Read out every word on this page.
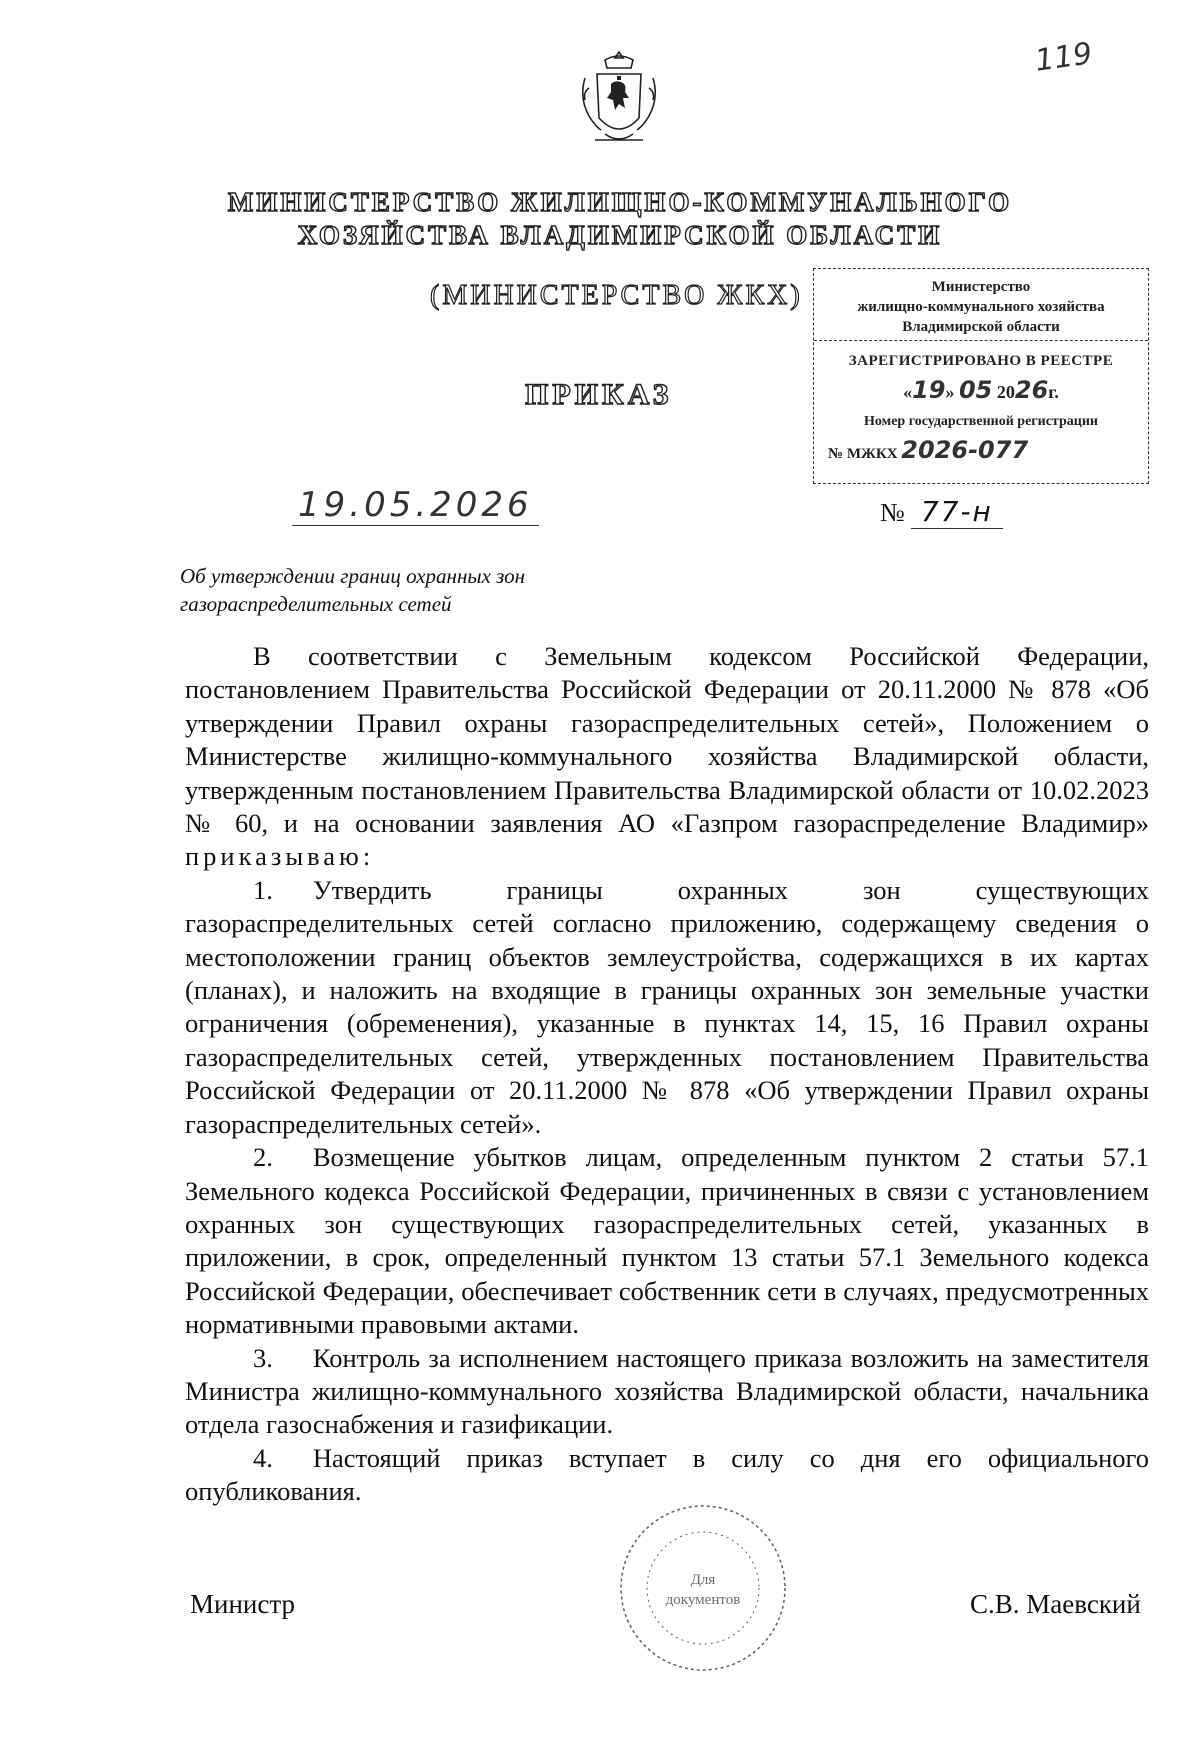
119
МИНИСТЕРСТВО ЖИЛИЩНО-КОММУНАЛЬНОГО
ХОЗЯЙСТВА ВЛАДИМИРСКОЙ ОБЛАСТИ
(МИНИСТЕРСТВО ЖКХ)
ПРИКАЗ
Министерство
жилищно-коммунального хозяйства
Владимирской области
ЗАРЕГИСТРИРОВАНО В РЕЕСТРЕ
«19» 05 2026г.
Номер государственной регистрации
№ МЖКХ 2026-077
19.05.2026	№ 77-н
Об утверждении границ охранных зон газораспределительных сетей

В соответствии с Земельным кодексом Российской Федерации, постановлением Правительства Российской Федерации от 20.11.2000 № 878 «Об утверждении Правил охраны газораспределительных сетей», Положением о Министерстве жилищно-коммунального хозяйства Владимирской области, утвержденным постановлением Правительства Владимирской области от 10.02.2023 № 60, и на основании заявления АО «Газпром газораспределение Владимир» приказываю:

1. Утвердить границы охранных зон существующих газораспределительных сетей согласно приложению, содержащему сведения о местоположении границ объектов землеустройства, содержащихся в их картах (планах), и наложить на входящие в границы охранных зон земельные участки ограничения (обременения), указанные в пунктах 14, 15, 16 Правил охраны газораспределительных сетей, утвержденных постановлением Правительства Российской Федерации от 20.11.2000 № 878 «Об утверждении Правил охраны газораспределительных сетей».

2. Возмещение убытков лицам, определенным пунктом 2 статьи 57.1 Земельного кодекса Российской Федерации, причиненных в связи с установлением охранных зон существующих газораспределительных сетей, указанных в приложении, в срок, определенный пунктом 13 статьи 57.1 Земельного кодекса Российской Федерации, обеспечивает собственник сети в случаях, предусмотренных нормативными правовыми актами.

3. Контроль за исполнением настоящего приказа возложить на заместителя Министра жилищно-коммунального хозяйства Владимирской области, начальника отдела газоснабжения и газификации.

4. Настоящий приказ вступает в силу со дня его официального опубликования.

Для
документов
Министр	С.В. Маевский
